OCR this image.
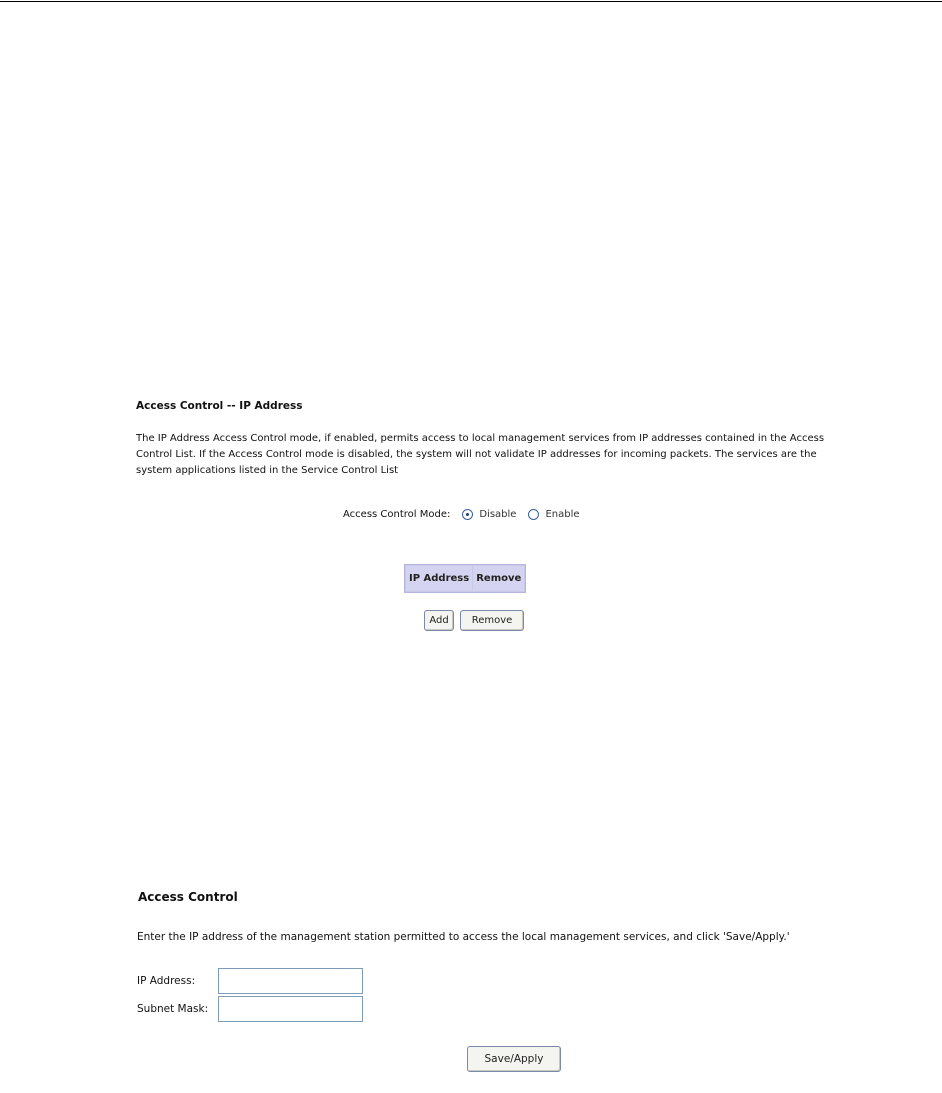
Access Control -- IP Address
The IP Address Access Control mode, if enabled, permits access to local management services from IP addresses contained in the Access Control List. If the Access Control mode is disabled, the system will not validate IP addresses for incoming packets. The services are the system applications listed in the Service Control List
Access Control Mode:	Disable	Enable
IP Address	Remove
Add	Remove
Access Control
Enter the IP address of the management station permitted to access the local management services, and click 'Save/Apply.'
IP Address:
Subnet Mask:
Save/Apply
